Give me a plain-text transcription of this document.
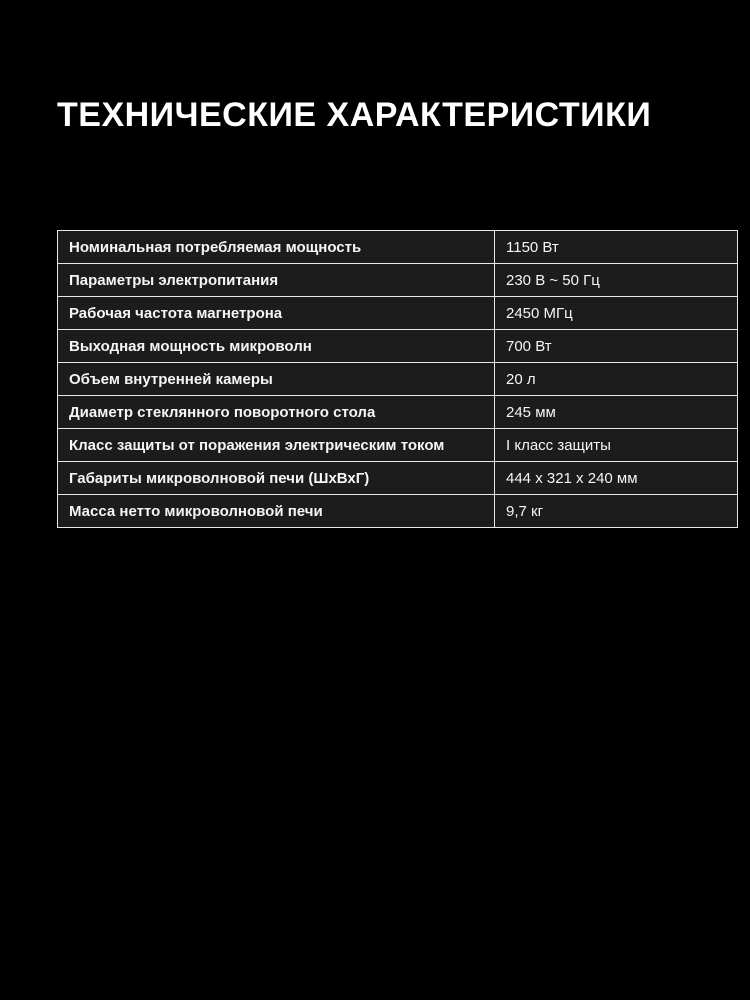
ТЕХНИЧЕСКИЕ ХАРАКТЕРИСТИКИ
Номинальная потребляемая мощность	1150 Вт
Параметры электропитания	230 В ~ 50 Гц
Рабочая частота магнетрона	2450 МГц
Выходная мощность микроволн	700 Вт
Объем внутренней камеры	20 л
Диаметр стеклянного поворотного стола	245 мм
Класс защиты от поражения электрическим током	I класс защиты
Габариты микроволновой печи (ШхВхГ)	444 х 321 х 240 мм
Масса нетто микроволновой печи	9,7 кг
